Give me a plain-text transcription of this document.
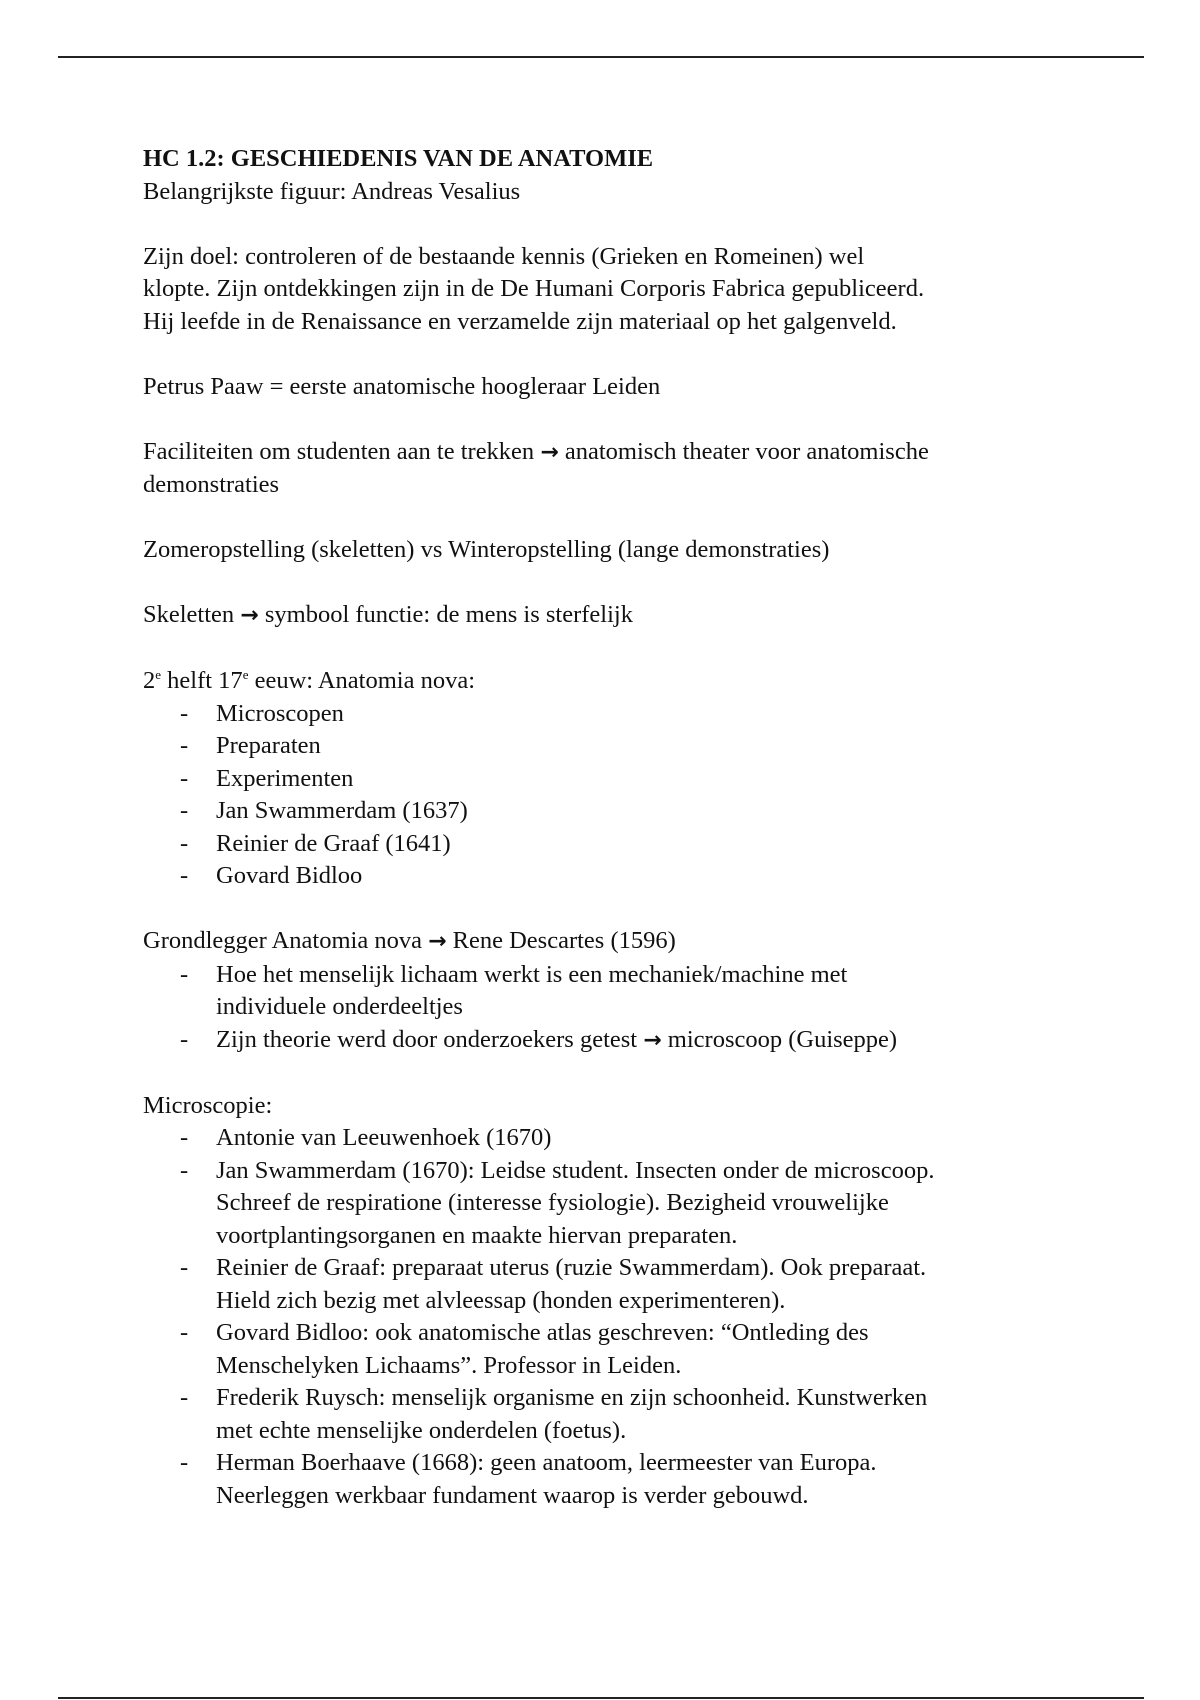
HC 1.2: GESCHIEDENIS VAN DE ANATOMIE

Belangrijkste figuur: Andreas Vesalius

Zijn doel: controleren of de bestaande kennis (Grieken en Romeinen) wel

klopte. Zijn ontdekkingen zijn in de De Humani Corporis Fabrica gepubliceerd.

Hij leefde in de Renaissance en verzamelde zijn materiaal op het galgenveld.

Petrus Paaw = eerste anatomische hoogleraar Leiden

Faciliteiten om studenten aan te trekken → anatomisch theater voor anatomische

demonstraties

Zomeropstelling (skeletten) vs Winteropstelling (lange demonstraties)

Skeletten → symbool functie: de mens is sterfelijk

2e helft 17e eeuw: Anatomia nova:

- Microscopen
- Preparaten
- Experimenten
- Jan Swammerdam (1637)
- Reinier de Graaf (1641)
- Govard Bidloo

Grondlegger Anatomia nova → Rene Descartes (1596)

- Hoe het menselijk lichaam werkt is een mechaniek/machine met
individuele onderdeeltjes
- Zijn theorie werd door onderzoekers getest → microscoop (Guiseppe)

Microscopie:

- Antonie van Leeuwenhoek (1670)
- Jan Swammerdam (1670): Leidse student. Insecten onder de microscoop.
Schreef de respiratione (interesse fysiologie). Bezigheid vrouwelijke
voortplantingsorganen en maakte hiervan preparaten.
- Reinier de Graaf: preparaat uterus (ruzie Swammerdam). Ook preparaat.
Hield zich bezig met alvleessap (honden experimenteren).
- Govard Bidloo: ook anatomische atlas geschreven: “Ontleding des
Menschelyken Lichaams”. Professor in Leiden.
- Frederik Ruysch: menselijk organisme en zijn schoonheid. Kunstwerken
met echte menselijke onderdelen (foetus).
- Herman Boerhaave (1668): geen anatoom, leermeester van Europa.
Neerleggen werkbaar fundament waarop is verder gebouwd.
